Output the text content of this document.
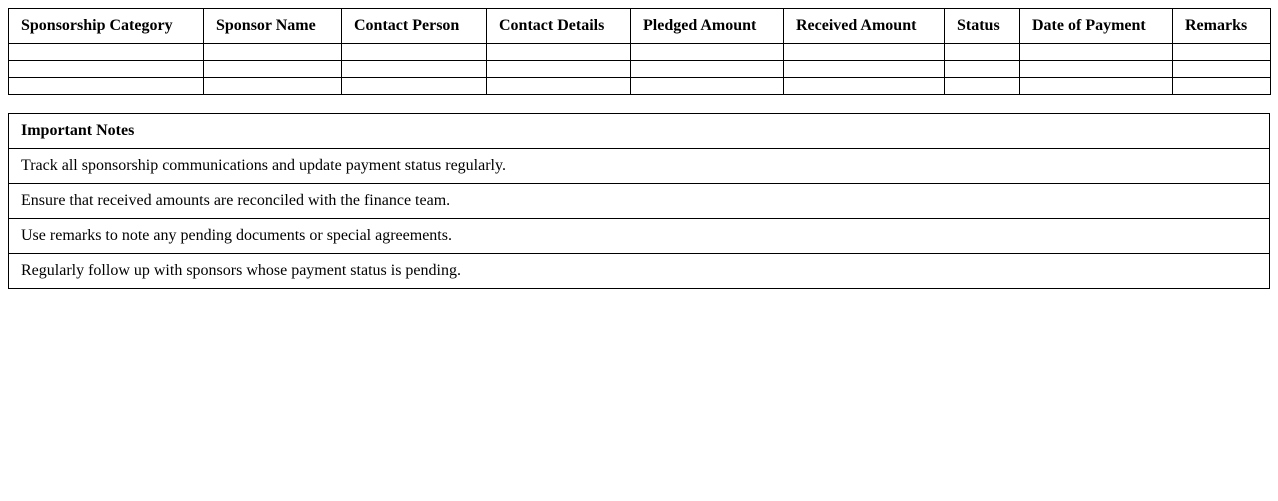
Sponsorship Category	Sponsor Name	Contact Person	Contact Details	Pledged Amount	Received Amount	Status	Date of Payment	Remarks

Important Notes
Track all sponsorship communications and update payment status regularly.
Ensure that received amounts are reconciled with the finance team.
Use remarks to note any pending documents or special agreements.
Regularly follow up with sponsors whose payment status is pending.
